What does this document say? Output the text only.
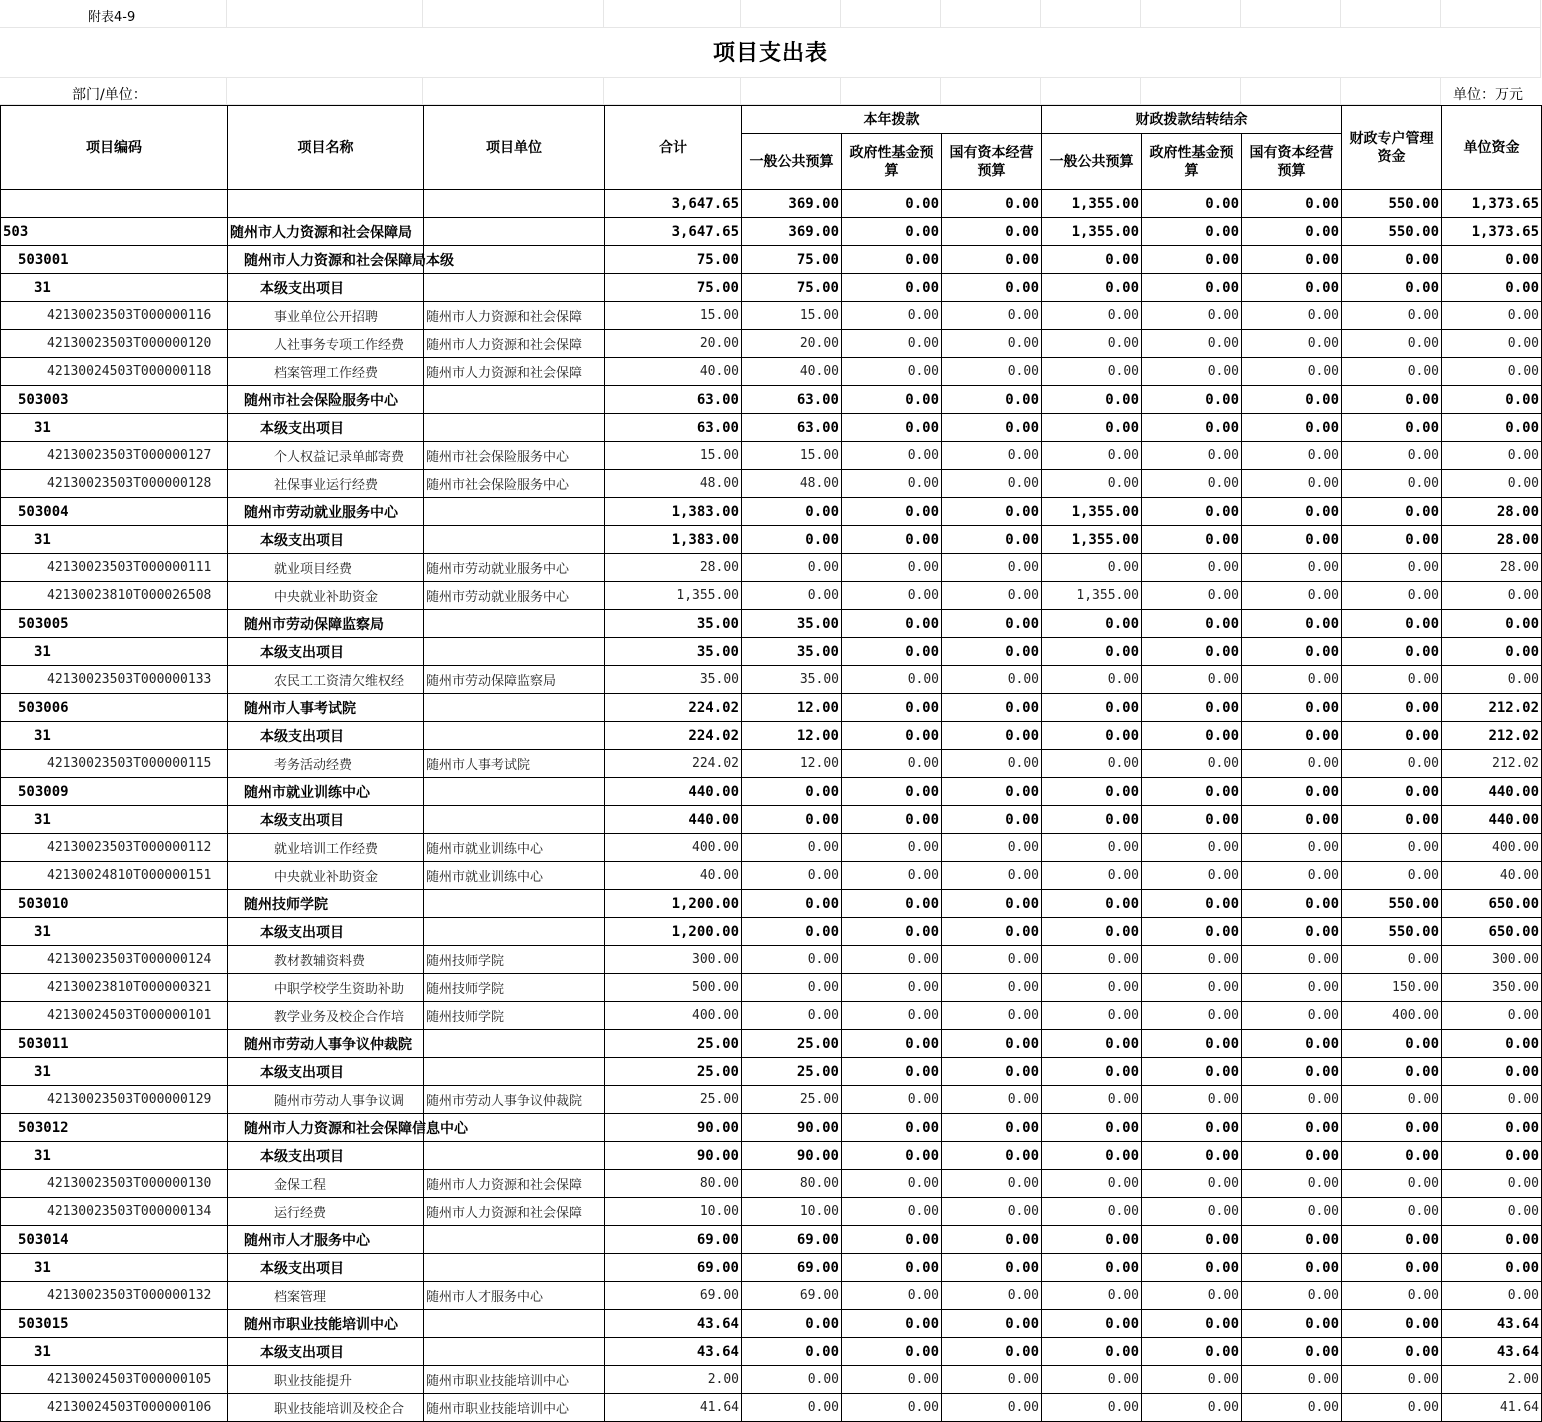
附表4-9
项目支出表
部门/单位：	单位：万元
项目编码	项目名称	项目单位	合计	本年拨款			财政拨款结转结余			财政专户管理资金	单位资金
				一般公共预算	政府性基金预算	国有资本经营预算	一般公共预算	政府性基金预算	国有资本经营预算		
			3,647.65	369.00	0.00	0.00	1,355.00	0.00	0.00	550.00	1,373.65
503	随州市人力资源和社会保障局		3,647.65	369.00	0.00	0.00	1,355.00	0.00	0.00	550.00	1,373.65
503001	随州市人力资源和社会保障局本级		75.00	75.00	0.00	0.00	0.00	0.00	0.00	0.00	0.00
31	本级支出项目		75.00	75.00	0.00	0.00	0.00	0.00	0.00	0.00	0.00
42130023503T000000116	事业单位公开招聘	随州市人力资源和社会保障	15.00	15.00	0.00	0.00	0.00	0.00	0.00	0.00	0.00
42130023503T000000120	人社事务专项工作经费	随州市人力资源和社会保障	20.00	20.00	0.00	0.00	0.00	0.00	0.00	0.00	0.00
42130024503T000000118	档案管理工作经费	随州市人力资源和社会保障	40.00	40.00	0.00	0.00	0.00	0.00	0.00	0.00	0.00
503003	随州市社会保险服务中心		63.00	63.00	0.00	0.00	0.00	0.00	0.00	0.00	0.00
31	本级支出项目		63.00	63.00	0.00	0.00	0.00	0.00	0.00	0.00	0.00
42130023503T000000127	个人权益记录单邮寄费	随州市社会保险服务中心	15.00	15.00	0.00	0.00	0.00	0.00	0.00	0.00	0.00
42130023503T000000128	社保事业运行经费	随州市社会保险服务中心	48.00	48.00	0.00	0.00	0.00	0.00	0.00	0.00	0.00
503004	随州市劳动就业服务中心		1,383.00	0.00	0.00	0.00	1,355.00	0.00	0.00	0.00	28.00
31	本级支出项目		1,383.00	0.00	0.00	0.00	1,355.00	0.00	0.00	0.00	28.00
42130023503T000000111	就业项目经费	随州市劳动就业服务中心	28.00	0.00	0.00	0.00	0.00	0.00	0.00	0.00	28.00
42130023810T000026508	中央就业补助资金	随州市劳动就业服务中心	1,355.00	0.00	0.00	0.00	1,355.00	0.00	0.00	0.00	0.00
503005	随州市劳动保障监察局		35.00	35.00	0.00	0.00	0.00	0.00	0.00	0.00	0.00
31	本级支出项目		35.00	35.00	0.00	0.00	0.00	0.00	0.00	0.00	0.00
42130023503T000000133	农民工工资清欠维权经	随州市劳动保障监察局	35.00	35.00	0.00	0.00	0.00	0.00	0.00	0.00	0.00
503006	随州市人事考试院		224.02	12.00	0.00	0.00	0.00	0.00	0.00	0.00	212.02
31	本级支出项目		224.02	12.00	0.00	0.00	0.00	0.00	0.00	0.00	212.02
42130023503T000000115	考务活动经费	随州市人事考试院	224.02	12.00	0.00	0.00	0.00	0.00	0.00	0.00	212.02
503009	随州市就业训练中心		440.00	0.00	0.00	0.00	0.00	0.00	0.00	0.00	440.00
31	本级支出项目		440.00	0.00	0.00	0.00	0.00	0.00	0.00	0.00	440.00
42130023503T000000112	就业培训工作经费	随州市就业训练中心	400.00	0.00	0.00	0.00	0.00	0.00	0.00	0.00	400.00
42130024810T000000151	中央就业补助资金	随州市就业训练中心	40.00	0.00	0.00	0.00	0.00	0.00	0.00	0.00	40.00
503010	随州技师学院		1,200.00	0.00	0.00	0.00	0.00	0.00	0.00	550.00	650.00
31	本级支出项目		1,200.00	0.00	0.00	0.00	0.00	0.00	0.00	550.00	650.00
42130023503T000000124	教材教辅资料费	随州技师学院	300.00	0.00	0.00	0.00	0.00	0.00	0.00	0.00	300.00
42130023810T000000321	中职学校学生资助补助	随州技师学院	500.00	0.00	0.00	0.00	0.00	0.00	0.00	150.00	350.00
42130024503T000000101	教学业务及校企合作培	随州技师学院	400.00	0.00	0.00	0.00	0.00	0.00	0.00	400.00	0.00
503011	随州市劳动人事争议仲裁院		25.00	25.00	0.00	0.00	0.00	0.00	0.00	0.00	0.00
31	本级支出项目		25.00	25.00	0.00	0.00	0.00	0.00	0.00	0.00	0.00
42130023503T000000129	随州市劳动人事争议调	随州市劳动人事争议仲裁院	25.00	25.00	0.00	0.00	0.00	0.00	0.00	0.00	0.00
503012	随州市人力资源和社会保障信息中心		90.00	90.00	0.00	0.00	0.00	0.00	0.00	0.00	0.00
31	本级支出项目		90.00	90.00	0.00	0.00	0.00	0.00	0.00	0.00	0.00
42130023503T000000130	金保工程	随州市人力资源和社会保障	80.00	80.00	0.00	0.00	0.00	0.00	0.00	0.00	0.00
42130023503T000000134	运行经费	随州市人力资源和社会保障	10.00	10.00	0.00	0.00	0.00	0.00	0.00	0.00	0.00
503014	随州市人才服务中心		69.00	69.00	0.00	0.00	0.00	0.00	0.00	0.00	0.00
31	本级支出项目		69.00	69.00	0.00	0.00	0.00	0.00	0.00	0.00	0.00
42130023503T000000132	档案管理	随州市人才服务中心	69.00	69.00	0.00	0.00	0.00	0.00	0.00	0.00	0.00
503015	随州市职业技能培训中心		43.64	0.00	0.00	0.00	0.00	0.00	0.00	0.00	43.64
31	本级支出项目		43.64	0.00	0.00	0.00	0.00	0.00	0.00	0.00	43.64
42130024503T000000105	职业技能提升	随州市职业技能培训中心	2.00	0.00	0.00	0.00	0.00	0.00	0.00	0.00	2.00
42130024503T000000106	职业技能培训及校企合	随州市职业技能培训中心	41.64	0.00	0.00	0.00	0.00	0.00	0.00	0.00	41.64
